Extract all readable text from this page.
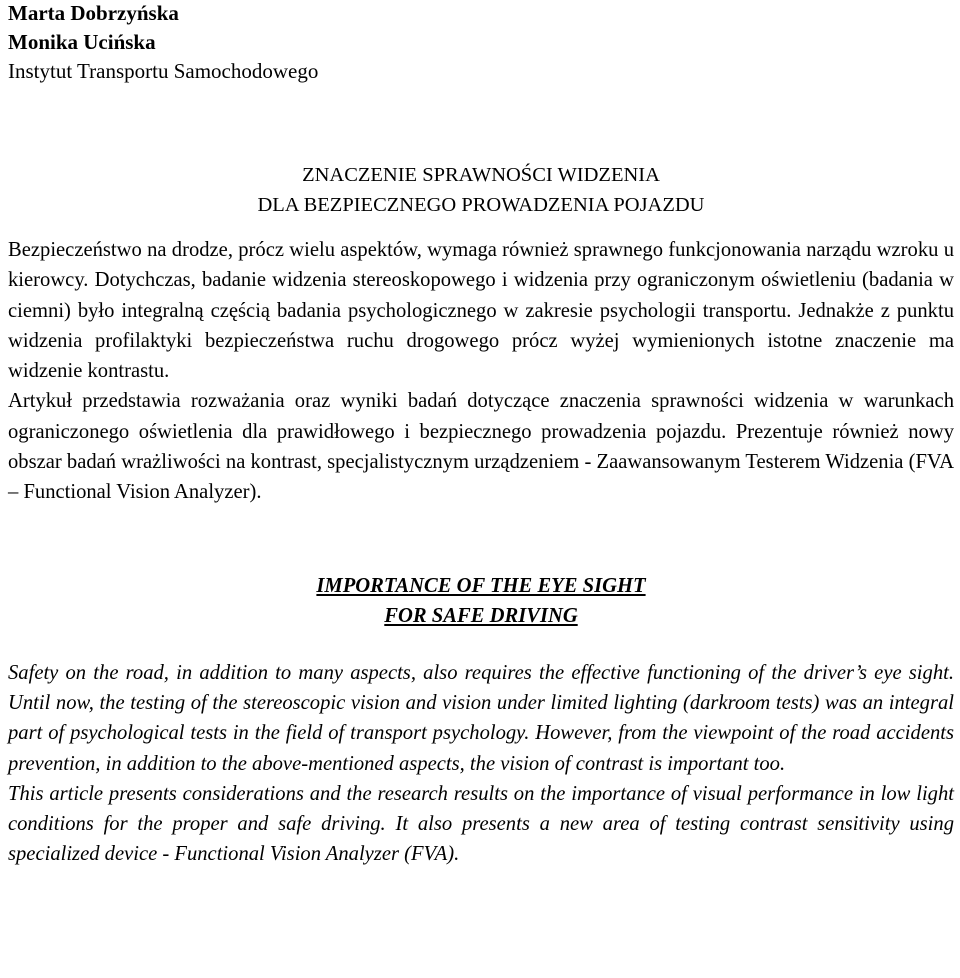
Marta Dobrzyńska
Monika Ucińska
Instytut Transportu Samochodowego
ZNACZENIE SPRAWNOŚCI WIDZENIA
DLA BEZPIECZNEGO PROWADZENIA POJAZDU

Bezpieczeństwo na drodze, prócz wielu aspektów, wymaga również sprawnego funkcjonowania narządu wzroku u kierowcy. Dotychczas, badanie widzenia stereoskopowego i widzenia przy ograniczonym oświetleniu (badania w ciemni) było integralną częścią badania psychologicznego w zakresie psychologii transportu. Jednakże z punktu widzenia profilaktyki bezpieczeństwa ruchu drogowego prócz wyżej wymienionych istotne znaczenie ma widzenie kontrastu.

Artykuł przedstawia rozważania oraz wyniki badań dotyczące znaczenia sprawności widzenia w warunkach ograniczonego oświetlenia dla prawidłowego i bezpiecznego prowadzenia pojazdu. Prezentuje również nowy obszar badań wrażliwości na kontrast, specjalistycznym urządzeniem - Zaawansowanym Testerem Widzenia (FVA – Functional Vision Analyzer).

IMPORTANCE OF THE EYE SIGHT
FOR SAFE DRIVING

Safety on the road, in addition to many aspects, also requires the effective functioning of the driver’s eye sight. Until now, the testing of the stereoscopic vision and vision under limited lighting (darkroom tests) was an integral part of psychological tests in the field of transport psychology. However, from the viewpoint of the road accidents prevention, in addition to the above-mentioned aspects, the vision of contrast is important too.

This article presents considerations and the research results on the importance of visual performance in low light conditions for the proper and safe driving. It also presents a new area of testing contrast sensitivity using specialized device - Functional Vision Analyzer (FVA).
